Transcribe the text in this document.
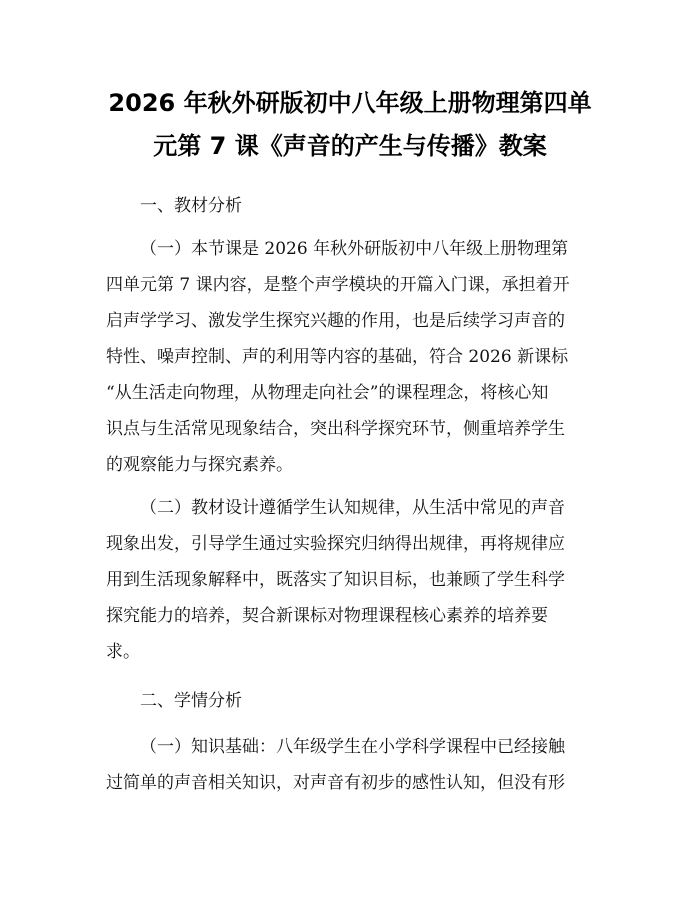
2026 年秋外研版初中八年级上册物理第四单
元第 7 课《声音的产生与传播》教案
一、教材分析
（一）本节课是 2026 年秋外研版初中八年级上册物理第
四单元第 7 课内容，是整个声学模块的开篇入门课，承担着开
启声学学习、激发学生探究兴趣的作用，也是后续学习声音的
特性、噪声控制、声的利用等内容的基础，符合 2026 新课标
“从生活走向物理，从物理走向社会”的课程理念，将核心知
识点与生活常见现象结合，突出科学探究环节，侧重培养学生
的观察能力与探究素养。
（二）教材设计遵循学生认知规律，从生活中常见的声音
现象出发，引导学生通过实验探究归纳得出规律，再将规律应
用到生活现象解释中，既落实了知识目标，也兼顾了学生科学
探究能力的培养，契合新课标对物理课程核心素养的培养要
求。
二、学情分析
（一）知识基础：八年级学生在小学科学课程中已经接触
过简单的声音相关知识，对声音有初步的感性认知，但没有形
